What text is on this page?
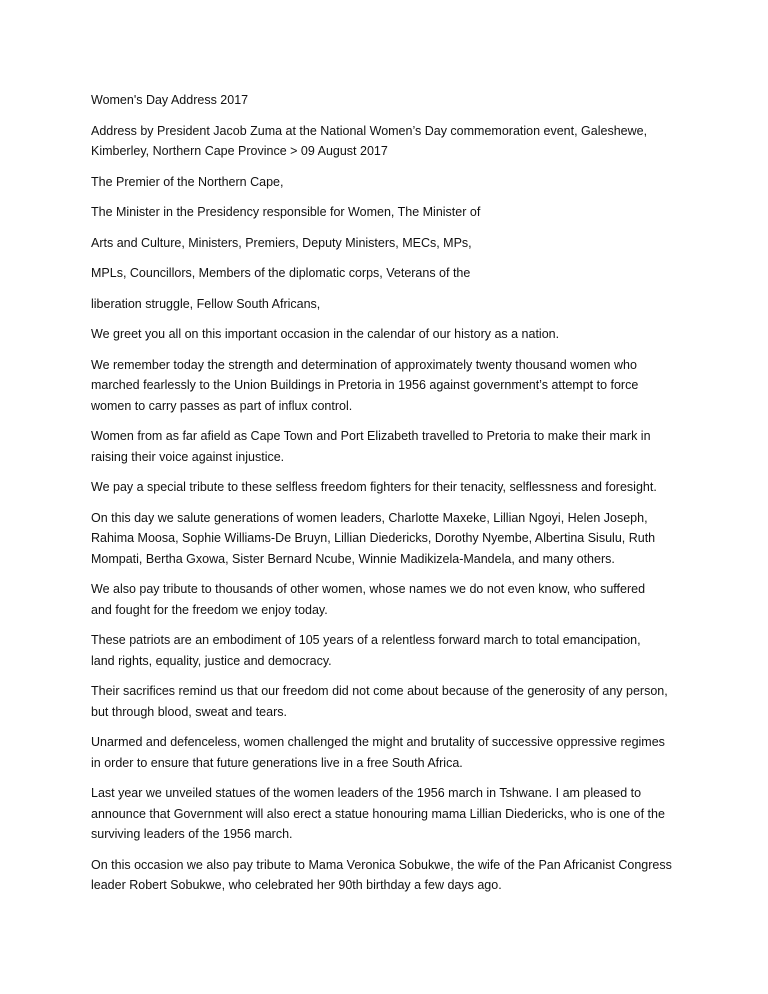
Women's Day Address 2017

Address by President Jacob Zuma at the National Women’s Day commemoration event, Galeshewe,
Kimberley, Northern Cape Province > 09 August 2017

The Premier of the Northern Cape,

The Minister in the Presidency responsible for Women, The Minister of

Arts and Culture, Ministers, Premiers, Deputy Ministers, MECs, MPs,

MPLs, Councillors, Members of the diplomatic corps, Veterans of the

liberation struggle, Fellow South Africans,

We greet you all on this important occasion in the calendar of our history as a nation.

We remember today the strength and determination of approximately twenty thousand women who
marched fearlessly to the Union Buildings in Pretoria in 1956 against government’s attempt to force
women to carry passes as part of influx control.

Women from as far afield as Cape Town and Port Elizabeth travelled to Pretoria to make their mark in
raising their voice against injustice.

We pay a special tribute to these selfless freedom fighters for their tenacity, selflessness and foresight.

On this day we salute generations of women leaders, Charlotte Maxeke, Lillian Ngoyi, Helen Joseph,
Rahima Moosa, Sophie Williams-De Bruyn, Lillian Diedericks, Dorothy Nyembe, Albertina Sisulu, Ruth
Mompati, Bertha Gxowa, Sister Bernard Ncube, Winnie Madikizela-Mandela, and many others.

We also pay tribute to thousands of other women, whose names we do not even know, who suffered
and fought for the freedom we enjoy today.

These patriots are an embodiment of 105 years of a relentless forward march to total emancipation,
land rights, equality, justice and democracy.

Their sacrifices remind us that our freedom did not come about because of the generosity of any person,
but through blood, sweat and tears.

Unarmed and defenceless, women challenged the might and brutality of successive oppressive regimes
in order to ensure that future generations live in a free South Africa.

Last year we unveiled statues of the women leaders of the 1956 march in Tshwane. I am pleased to
announce that Government will also erect a statue honouring mama Lillian Diedericks, who is one of the
surviving leaders of the 1956 march.

On this occasion we also pay tribute to Mama Veronica Sobukwe, the wife of the Pan Africanist Congress
leader Robert Sobukwe, who celebrated her 90th birthday a few days ago.
